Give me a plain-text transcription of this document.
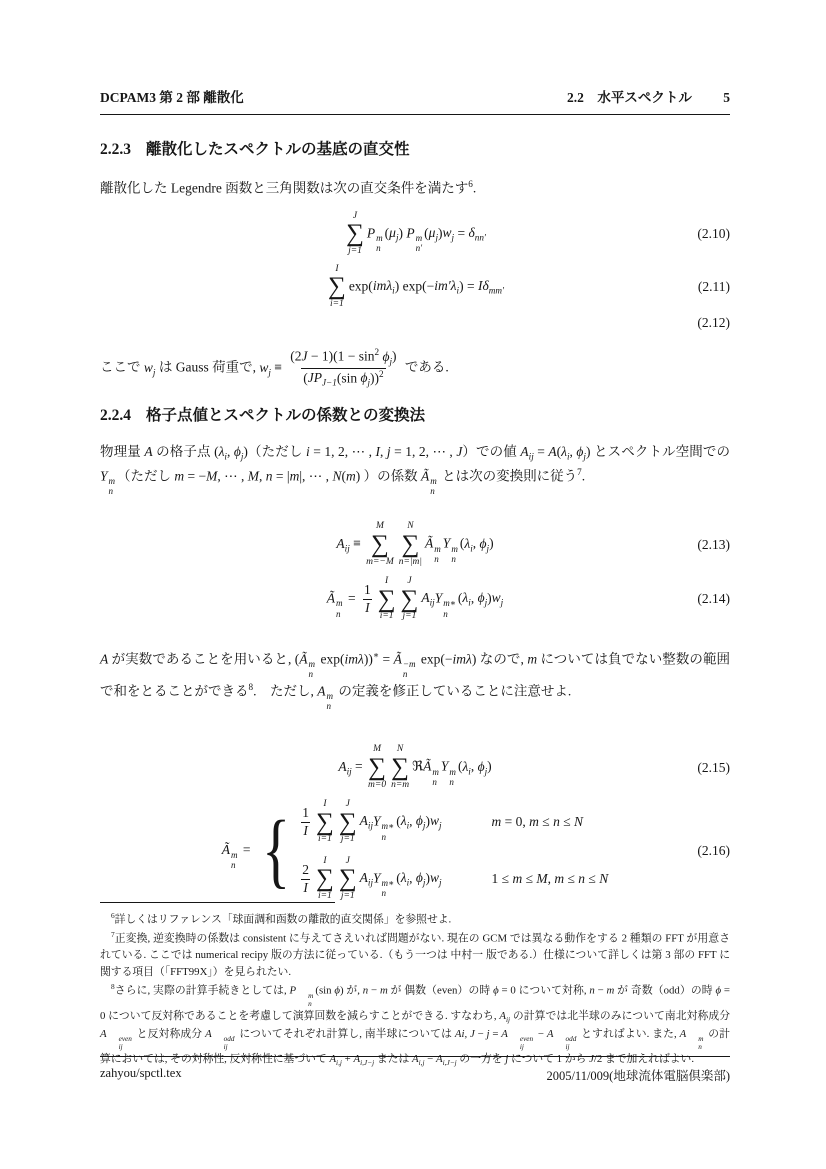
DCPAM3 第 2 部 離散化	2.2　水平スペクトル 5
2.2.3 離散化したスペクトルの基底の直交性

離散化した Legendre 函数と三角関数は次の直交条件を満たす$^6$.

J
∑
j=1
P m
n
$(\mu_j)$ P m
n′
$(\mu_j)w_j = \delta_{nn'}$	(2.10)
I
∑
i=1
exp(imλ$_i$) $\exp(-im'\lambda_i) = I\delta_{mm'}$	(2.11)
(2.12)

ここで $w_j$ は Gauss 荷重で, $w_j$ ≡
$(2J - 1)(1 - \sin^2 \phi_j)$
($JP_{J-1}(\sin$ $\phi_j))^2$ である.

2.2.4 格子点値とスペクトルの係数との変換法

物理量 A の格子点 ($\lambda_i$, $\phi_j$)（ただし i = 1, 2, ⋯ , I, j = 1, 2, ⋯ , J）での値 $A_{ij} = A(\lambda_i$, $\phi_j$) とスペクトル空間での Y m
n
（ただし m = −M, ⋯ , M, n = |m|, ⋯ , N(m) ）の係数 Ã m
n
とは次の変換則に従う$^7$.

$A_{ij}$ ≡
M
∑
m=−M
N
∑
n=|m|
Ã m
n
Y m
n
($\lambda_i$, $\phi_j$)	(2.13)
Ã m
n
= $\frac{1}{I}$
I
∑
i=1
J
∑
j=1
$A_{ij}Y$ m∗
n
($\lambda_i$, $\phi_j)w_j$	(2.14)

A が実数であることを用いると, (Ã m
n
exp(imλ))∗ = Ã −m
n
exp(−imλ) なので, m については負でない整数の範囲で和をとることができる$^8$.　ただし, A m
n
の定義を修正していることに注意せよ.

$A_{ij}$ =
M
∑
m=0
N
∑
n=m
ℜÃ m
n
Y m
n
($\lambda_i$, $\phi_j$)	(2.15)
Ã m
n
= { $\frac{1}{I}$
I
∑
i=1
J
∑
j=1
$A_{ij}Y$ m∗
n
($\lambda_i$, $\phi_j)w_j$	m = 0, m ≤ n ≤ N
$\frac{2}{I}$
I
∑
i=1
J
∑
j=1
$A_{ij}Y$ m∗
n
($\lambda_i$, $\phi_j)w_j$	1 ≤ m ≤ M, m ≤ n ≤ N
(2.16)

$^6$詳しくはリファレンス「球面調和函数の離散的直交関係」を参照せよ.

$^7$正変換, 逆変換時の係数は consistent に与えてさえいれば問題がない. 現在の GCM では異なる動作をする 2 種類の FFT が用意されている. ここでは numerical recipy 版の方法に従っている.（もう一つは 中村一 版である.）仕様について詳しくは第 3 部の FFT に関する項目（「FFT99X」）を見られたい.

$^8$さらに, 実際の計算手続きとしては, P	m
n
(sin ϕ) が, n − m が 偶数（even）の時 ϕ = 0 について対称, n − m が 奇数（odd）の時 ϕ = 0 について反対称であることを考慮して演算回数を減らすことができる. すなわち, $A_{ij}$ の計算では北半球のみについて南北対称成分 A	even
ij
と反対称成分 A	odd
ij
についてそれぞれ計算し, 南半球については Ai, J − j = A	even
ij
− A	odd
ij
とすればよい. また, A	m
n
の計算においては, その対称性, 反対称性に基づいて $A_{i,j} + A_{i,J-j}$ または $A_{i,j} - A_{i,J-j}$ の一方を j について 1 から J/2 まで加えればよい.

zahyou/spctl.tex	2005/11/009(地球流体電脳倶楽部)
